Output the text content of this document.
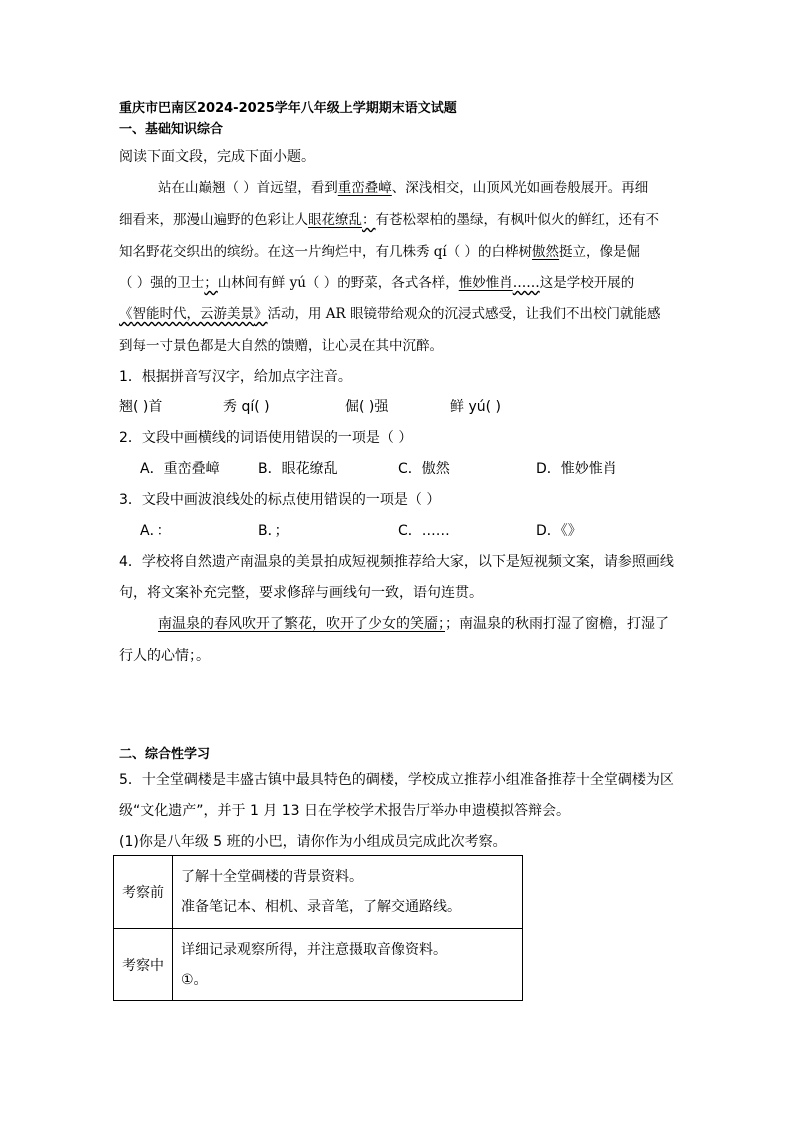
重庆市巴南区2024-2025学年八年级上学期期末语文试题
一、基础知识综合
阅读下面文段，完成下面小题。
站在山巅翘（ ）首远望，看到重峦叠嶂、深浅相交，山顶风光如画卷般展开。再细
细看来，那漫山遍野的色彩让人眼花缭乱：有苍松翠柏的墨绿，有枫叶似火的鲜红，还有不
知名野花交织出的缤纷。在这一片绚烂中，有几株秀 qí（ ）的白桦树傲然挺立，像是倔
（ ）强的卫士；山林间有鲜 yú（ ）的野菜，各式各样，惟妙惟肖……这是学校开展的
《智能时代，云游美景》活动，用 AR 眼镜带给观众的沉浸式感受，让我们不出校门就能感
到每一寸景色都是大自然的馈赠，让心灵在其中沉醉。
1．根据拼音写汉字，给加点字注音。
翘( )首	秀 qí( )	倔( )强	鲜 yú( )
2．文段中画横线的词语使用错误的一项是（ ）
A．重峦叠嶂	B．眼花缭乱	C．傲然	D．惟妙惟肖
3．文段中画波浪线处的标点使用错误的一项是（ ）
A．：	B．；	C．……	D．《》
4．学校将自然遗产南温泉的美景拍成短视频推荐给大家，以下是短视频文案，请参照画线
句，将文案补充完整，要求修辞与画线句一致，语句连贯。
南温泉的春风吹开了繁花，吹开了少女的笑靥；；南温泉的秋雨打湿了窗檐，打湿了
行人的心情；。
二、综合性学习
5．十全堂碉楼是丰盛古镇中最具特色的碉楼，学校成立推荐小组准备推荐十全堂碉楼为区
级“文化遗产”，并于 1 月 13 日在学校学术报告厅举办申遗模拟答辩会。
(1)你是八年级 5 班的小巴，请你作为小组成员完成此次考察。
考察前	了解十全堂碉楼的背景资料。
准备笔记本、相机、录音笔，了解交通路线。

考察中	详细记录观察所得，并注意摄取音像资料。
①。
